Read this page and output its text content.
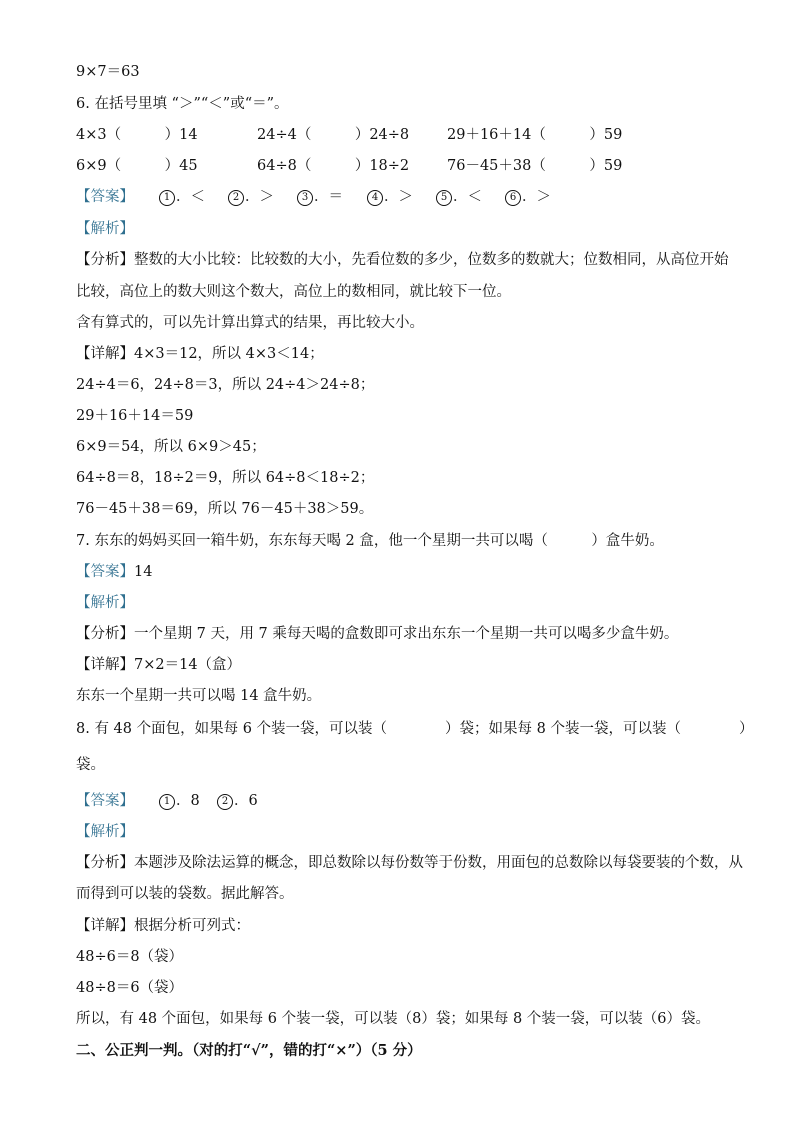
9×7＝63
6. 在括号里填 “＞”“＜”或“＝”。
4×3（　　　）14	24÷4（　　　）24÷8	29＋16＋14（　　　）59
6×9（　　　）45	64÷8（　　　）18÷2	76－45＋38（　　　）59
【答案】	1 ．＜	2 ．＞	3 ．＝	4 ．＞	5 ．＜	6 ．＞
【解析】
【分析】整数的大小比较：比较数的大小，先看位数的多少，位数多的数就大；位数相同，从高位开始
比较，高位上的数大则这个数大，高位上的数相同，就比较下一位。
含有算式的，可以先计算出算式的结果，再比较大小。
【详解】4×3＝12，所以 4×3＜14；
24÷4＝6，24÷8＝3，所以 24÷4＞24÷8；
29＋16＋14＝59
6×9＝54，所以 6×9＞45；
64÷8＝8，18÷2＝9，所以 64÷8＜18÷2；
76－45＋38＝69，所以 76－45＋38＞59。
7. 东东的妈妈买回一箱牛奶，东东每天喝 2 盒，他一个星期一共可以喝（　　　）盒牛奶。
【答案】14
【解析】
【分析】一个星期 7 天，用 7 乘每天喝的盒数即可求出东东一个星期一共可以喝多少盒牛奶。
【详解】7×2＝14（盒）
东东一个星期一共可以喝 14 盒牛奶。
8. 有 48 个面包，如果每 6 个装一袋，可以装（　　　　）袋；如果每 8 个装一袋，可以装（　　　　）
袋。
【答案】	1 ．8	2 ．6
【解析】
【分析】本题涉及除法运算的概念，即总数除以每份数等于份数，用面包的总数除以每袋要装的个数，从
而得到可以装的袋数。据此解答。
【详解】根据分析可列式：
48÷6＝8（袋）
48÷8＝6（袋）
所以，有 48 个面包，如果每 6 个装一袋，可以装（8）袋；如果每 8 个装一袋，可以装（6）袋。
二、公正判一判。（对的打“√”，错的打“×”）（5 分）
